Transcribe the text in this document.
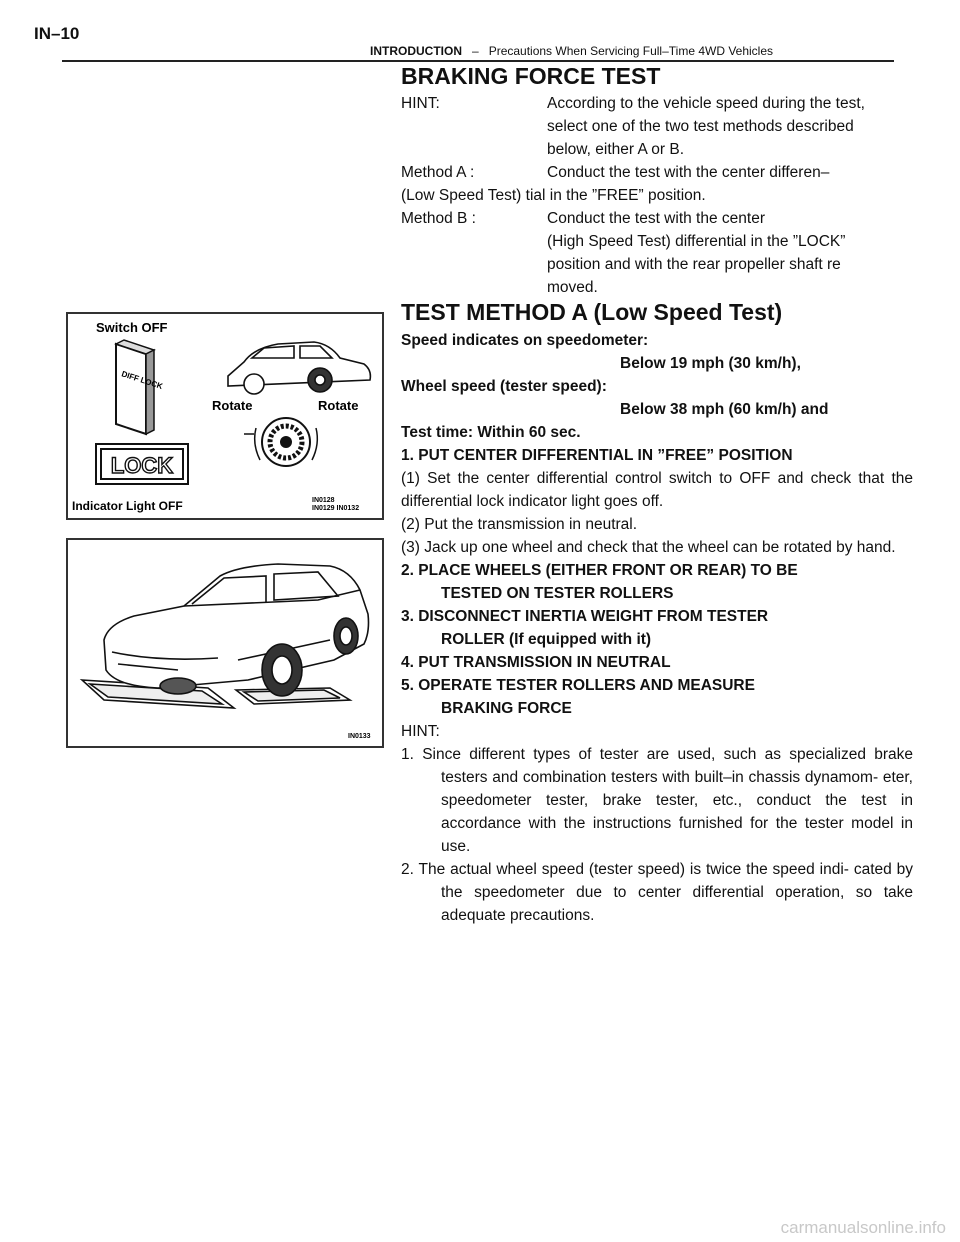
IN–10
INTRODUCTION – Precautions When Servicing Full–Time 4WD Vehicles
BRAKING FORCE TEST
HINT:	According to the vehicle speed during the test,
select one of the two test methods described
below, either A or B.
Method A :	Conduct the test with the center differen–
(Low Speed Test) tial in the ”FREE” position.
Method B :	Conduct the test with the center
(High Speed Test) differential in the ”LOCK”
position and with the rear propeller shaft re
moved.
TEST METHOD A (Low Speed Test)
Speed indicates on speedometer:
Below 19 mph (30 km/h),
Wheel speed (tester speed):
Below 38 mph (60 km/h) and
Test time: Within 60 sec.
1. PUT CENTER DIFFERENTIAL IN ”FREE” POSITION
(1) Set the center differential control switch to OFF and check that the differential lock indicator light goes off.
(2) Put the transmission in neutral.
(3) Jack up one wheel and check that the wheel can be rotated by hand.
2. PLACE WHEELS (EITHER FRONT OR REAR) TO BE
TESTED ON TESTER ROLLERS
3. DISCONNECT INERTIA WEIGHT FROM TESTER
ROLLER (If equipped with it)
4. PUT TRANSMISSION IN NEUTRAL
5. OPERATE TESTER ROLLERS AND MEASURE
BRAKING FORCE
HINT:
1. Since different types of tester are used, such as specialized brake testers and combination testers with built–in chassis dynamom- eter, speedometer tester, brake tester, etc., conduct the test in accordance with the instructions furnished for the tester model in use.
2. The actual wheel speed (tester speed) is twice the speed indi- cated by the speedometer due to center differential operation, so take adequate precautions.
Switch OFF
DIFF LOCK
Rotate	Rotate
LOCK
Indicator Light OFF	IN0128
IN0129 IN0132
IN0133
carmanualsonline.info
